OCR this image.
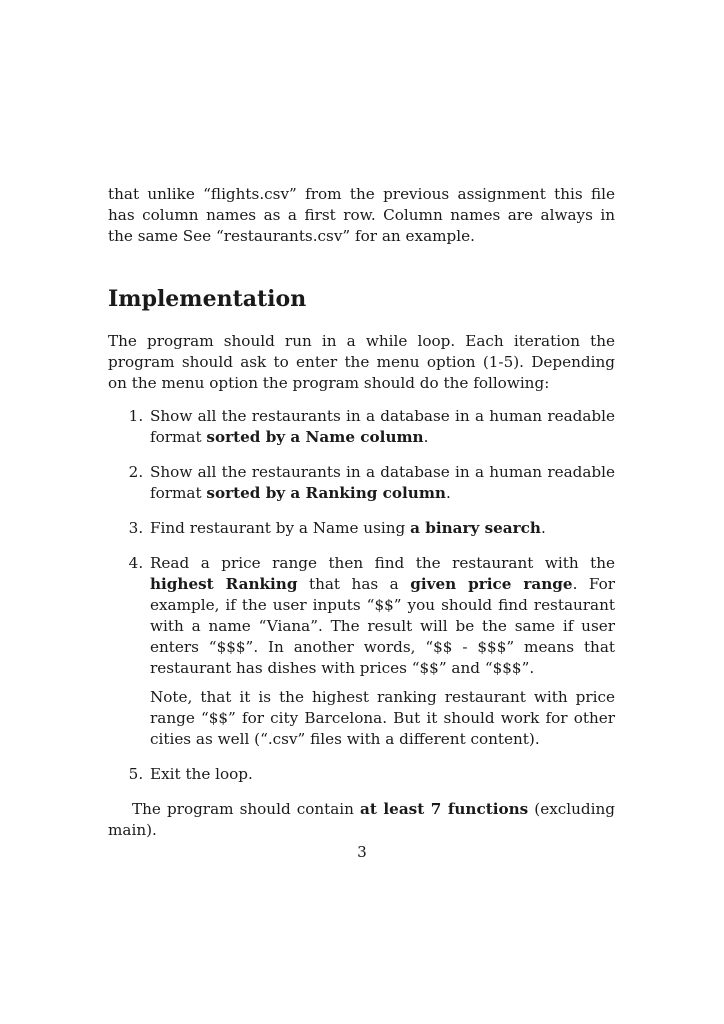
that unlike “flights.csv” from the previous assignment this file has column names as a first row. Column names are always in the same See “restaurants.csv” for an example.

Implementation

The program should run in a while loop. Each iteration the program should ask to enter the menu option (1-5). Depending on the menu option the program should do the following:

1. Show all the restaurants in a database in a human readable format sorted by a Name column.
2. Show all the restaurants in a database in a human readable format sorted by a Ranking column.
3. Find restaurant by a Name using a binary search.

4. Read a price range then find the restaurant with the highest Ranking that has a given price range. For example, if the user inputs “$$” you should find restaurant with a name “Viana”. The result will be the same if user enters “$$$”. In another words, “$$ - $$$” means that restaurant has dishes with prices “$$” and “$$$”.

Note, that it is the highest ranking restaurant with price range “$$” for city Barcelona. But it should work for other cities as well (“.csv” files with a different content).

5. Exit the loop.

The program should contain at least 7 functions (excluding main).

3
